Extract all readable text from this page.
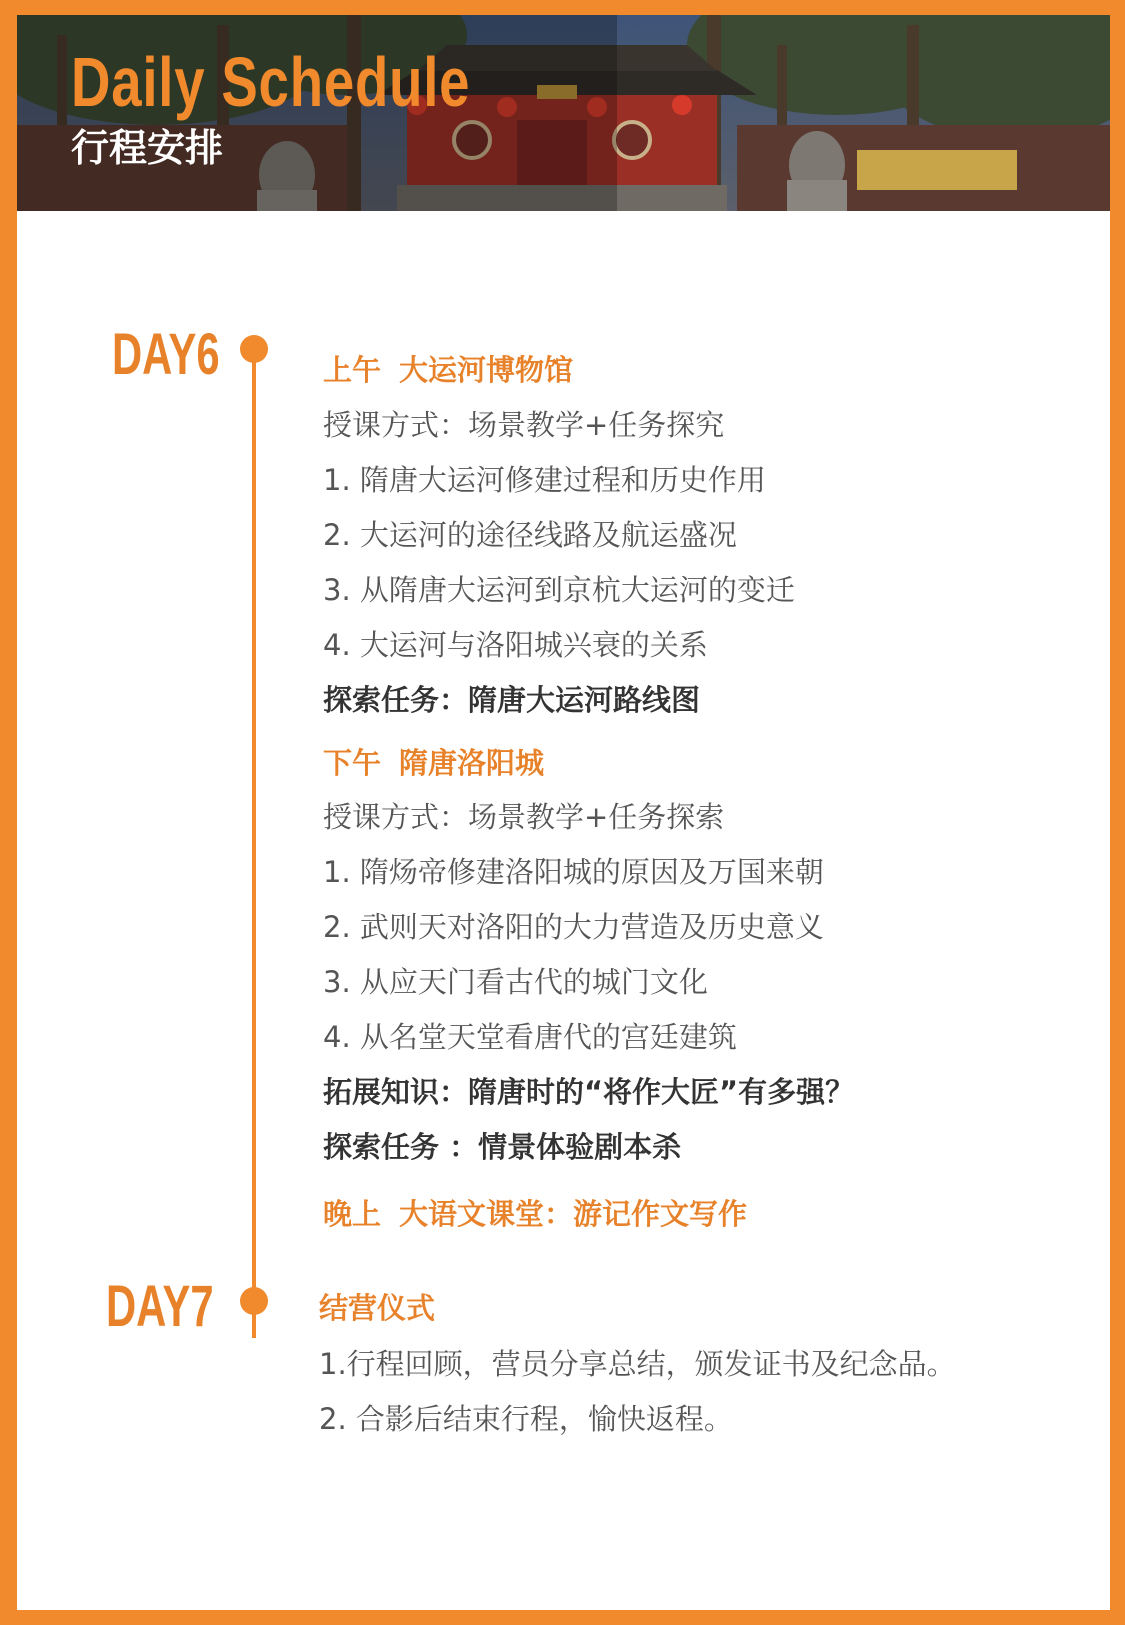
Daily Schedule
行程安排

DAY6

DAY7

上午 大运河博物馆

授课方式：场景教学+任务探究

1. 隋唐大运河修建过程和历史作用

2. 大运河的途径线路及航运盛况

3. 从隋唐大运河到京杭大运河的变迁

4. 大运河与洛阳城兴衰的关系

探索任务：隋唐大运河路线图

下午 隋唐洛阳城

授课方式：场景教学+任务探索

1. 隋炀帝修建洛阳城的原因及万国来朝

2. 武则天对洛阳的大力营造及历史意义

3. 从应天门看古代的城门文化

4. 从名堂天堂看唐代的宫廷建筑

拓展知识：隋唐时的“将作大匠”有多强？

探索任务 ：情景体验剧本杀

晚上 大语文课堂：游记作文写作

结营仪式

1.行程回顾，营员分享总结，颁发证书及纪念品。

2. 合影后结束行程，愉快返程。
